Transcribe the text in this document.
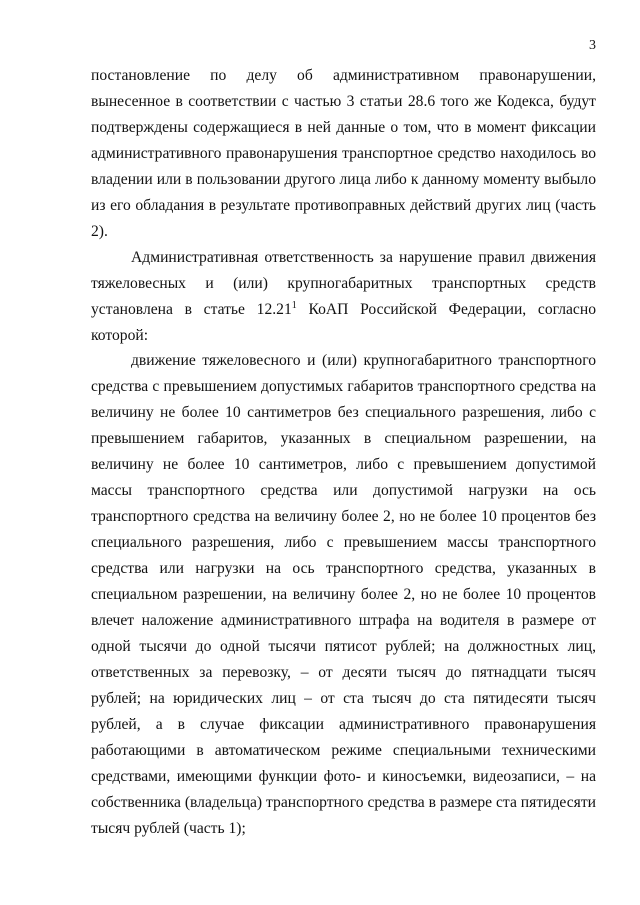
3

постановление по делу об административном правонарушении, вынесенное в соответствии с частью 3 статьи 28.6 того же Кодекса, будут подтверждены содержащиеся в ней данные о том, что в момент фиксации административного правонарушения транспортное средство находилось во владении или в пользовании другого лица либо к данному моменту выбыло из его обладания в результате противоправных действий других лиц (часть 2).

Административная ответственность за нарушение правил движения тяжеловесных и (или) крупногабаритных транспортных средств установлена в статье 12.21$^1$ КоАП Российской Федерации, согласно которой:

движение тяжеловесного и (или) крупногабаритного транспортного средства с превышением допустимых габаритов транспортного средства на величину не более 10 сантиметров без специального разрешения, либо с превышением габаритов, указанных в специальном разрешении, на величину не более 10 сантиметров, либо с превышением допустимой массы транспортного средства или допустимой нагрузки на ось транспортного средства на величину более 2, но не более 10 процентов без специального разрешения, либо с превышением массы транспортного средства или нагрузки на ось транспортного средства, указанных в специальном разрешении, на величину более 2, но не более 10 процентов влечет наложение административного штрафа на водителя в размере от одной тысячи до одной тысячи пятисот рублей; на должностных лиц, ответственных за перевозку, – от десяти тысяч до пятнадцати тысяч рублей; на юридических лиц – от ста тысяч до ста пятидесяти тысяч рублей, а в случае фиксации административного правонарушения работающими в автоматическом режиме специальными техническими средствами, имеющими функции фото- и киносъемки, видеозаписи, – на собственника (владельца) транспортного средства в размере ста пятидесяти тысяч рублей (часть 1);
